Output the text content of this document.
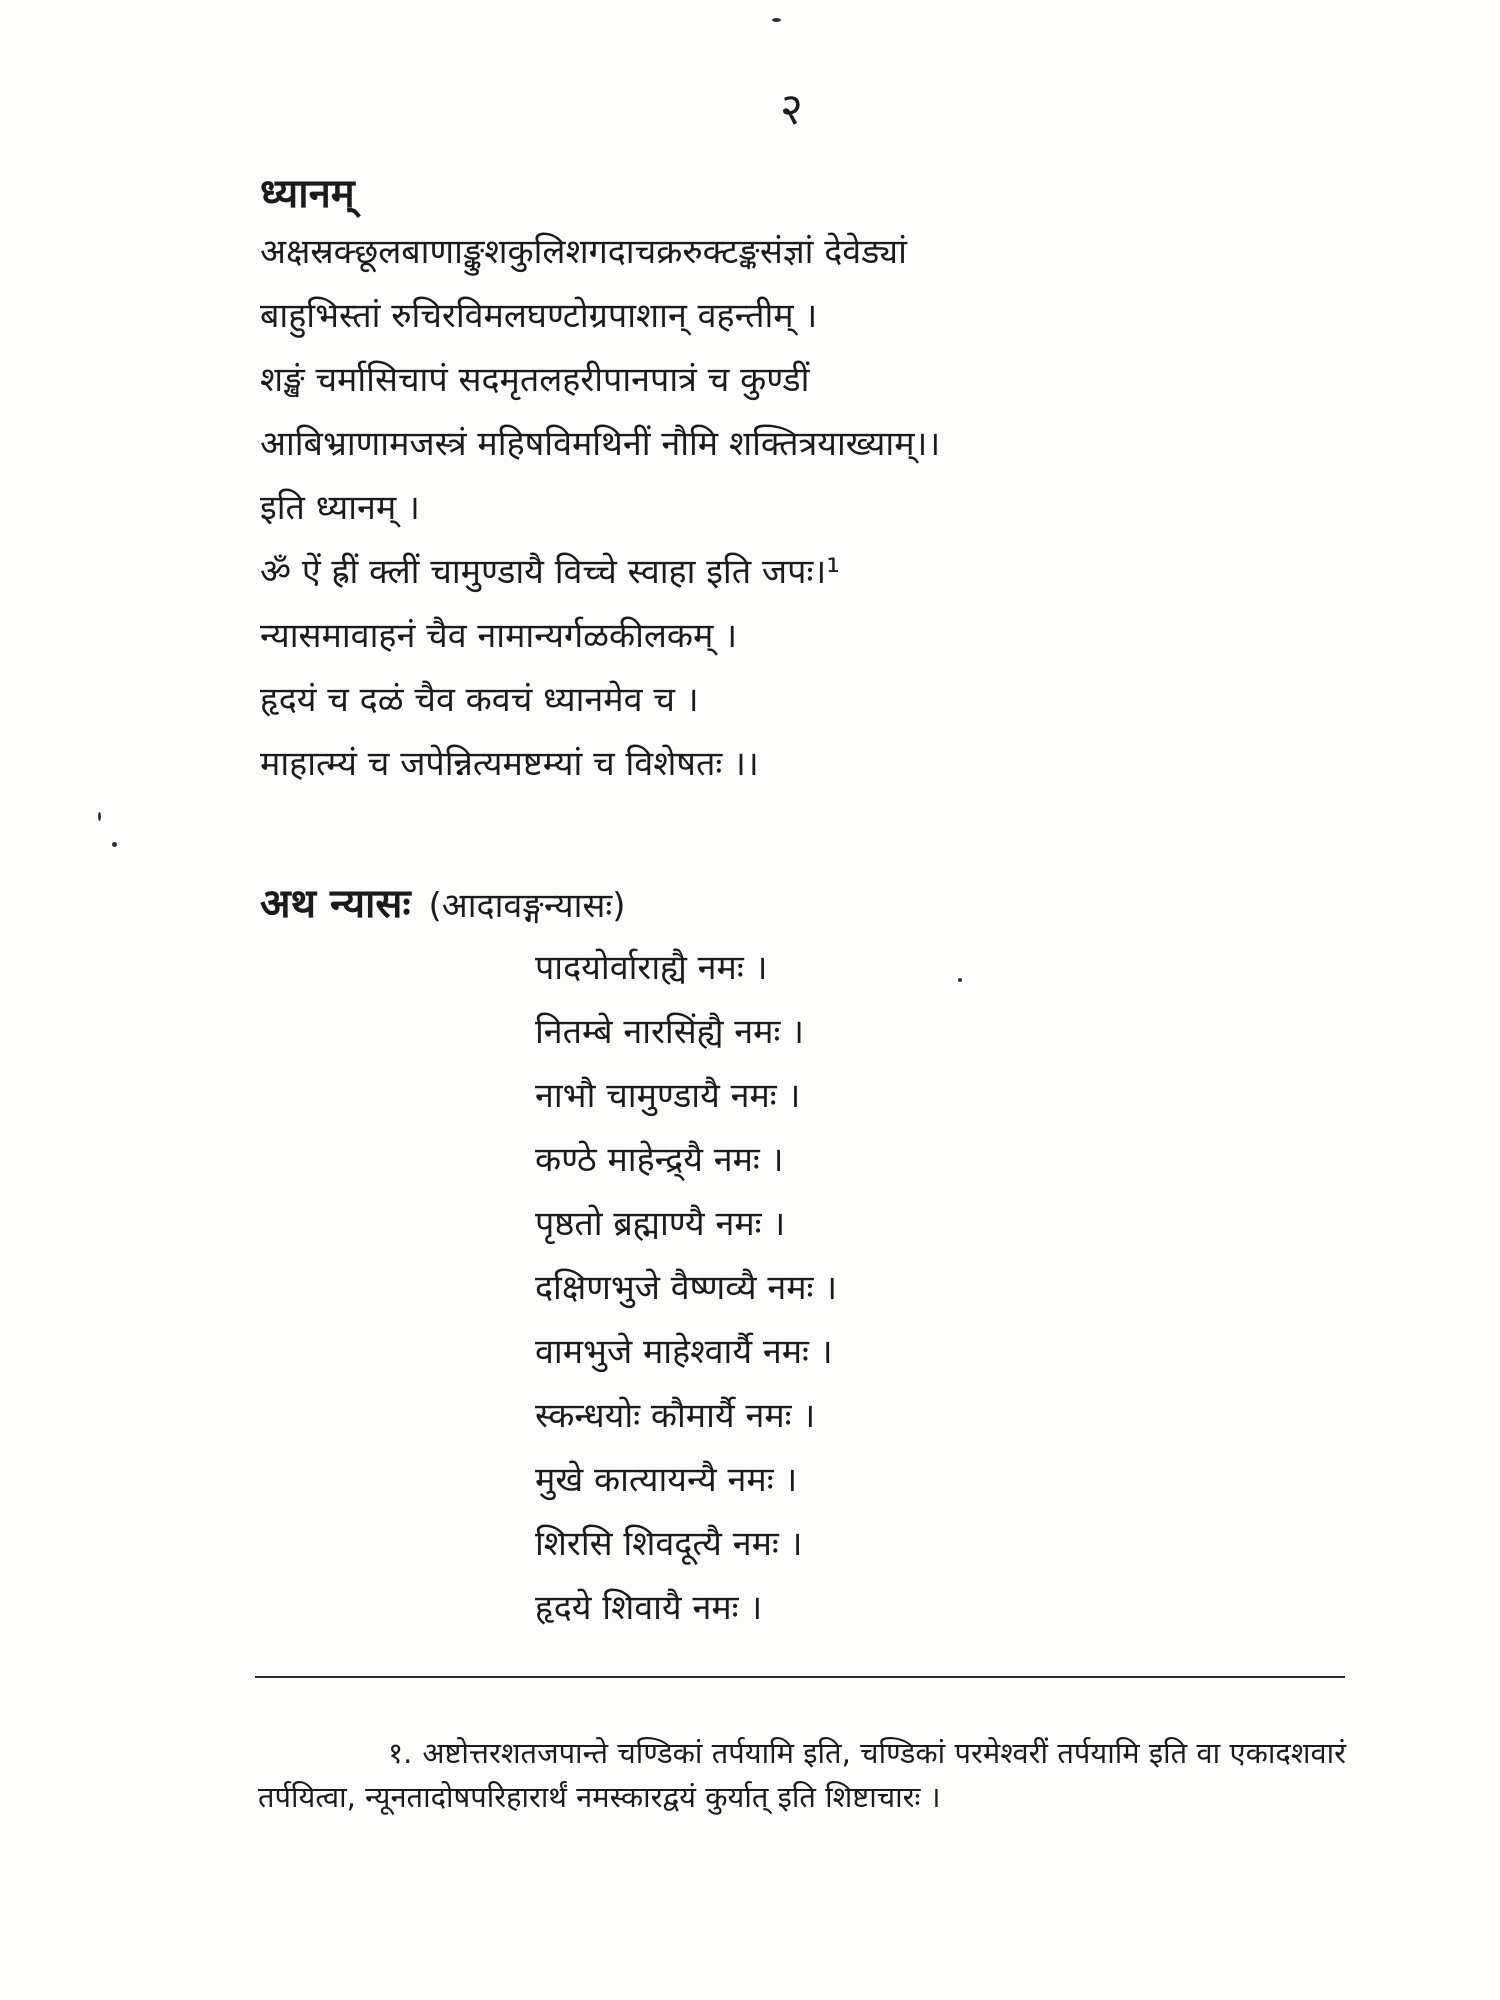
२
ध्यानम्
अक्षस्रक्छूलबाणाङ्कुशकुलिशगदाचक्ररुक्टङ्कसंज्ञां देवेड्यां
बाहुभिस्तां रुचिरविमलघण्टोग्रपाशान् वहन्तीम् ।
शङ्खं चर्मासिचापं सदमृतलहरीपानपात्रं च कुण्डीं
आबिभ्राणामजस्त्रं महिषविमथिनीं नौमि शक्तित्रयाख्याम्।।
इति ध्यानम् ।
ॐ ऐं ह्रीं क्लीं चामुण्डायै विच्चे स्वाहा इति जपः।¹
न्यासमावाहनं चैव नामान्यर्गळकीलकम् ।
हृदयं च दळं चैव कवचं ध्यानमेव च ।
माहात्म्यं च जपेन्नित्यमष्टम्यां च विशेषतः ।।
अथ न्यासः (आदावङ्गन्यासः)
पादयोर्वाराह्यै नमः ।
नितम्बे नारसिंह्यै नमः ।
नाभौ चामुण्डायै नमः ।
कण्ठे माहेन्द्र्यै नमः ।
पृष्ठतो ब्रह्माण्यै नमः ।
दक्षिणभुजे वैष्णव्यै नमः ।
वामभुजे माहेश्वार्यै नमः ।
स्कन्धयोः कौमार्यै नमः ।
मुखे कात्यायन्यै नमः ।
शिरसि शिवदूत्यै नमः ।
हृदये शिवायै नमः ।
१. अष्टोत्तरशतजपान्ते चण्डिकां तर्पयामि इति, चण्डिकां परमेश्वरीं तर्पयामि इति वा एकादशवारं तर्पयित्वा, न्यूनतादोषपरिहारार्थं नमस्कारद्वयं कुर्यात् इति शिष्टाचारः ।
